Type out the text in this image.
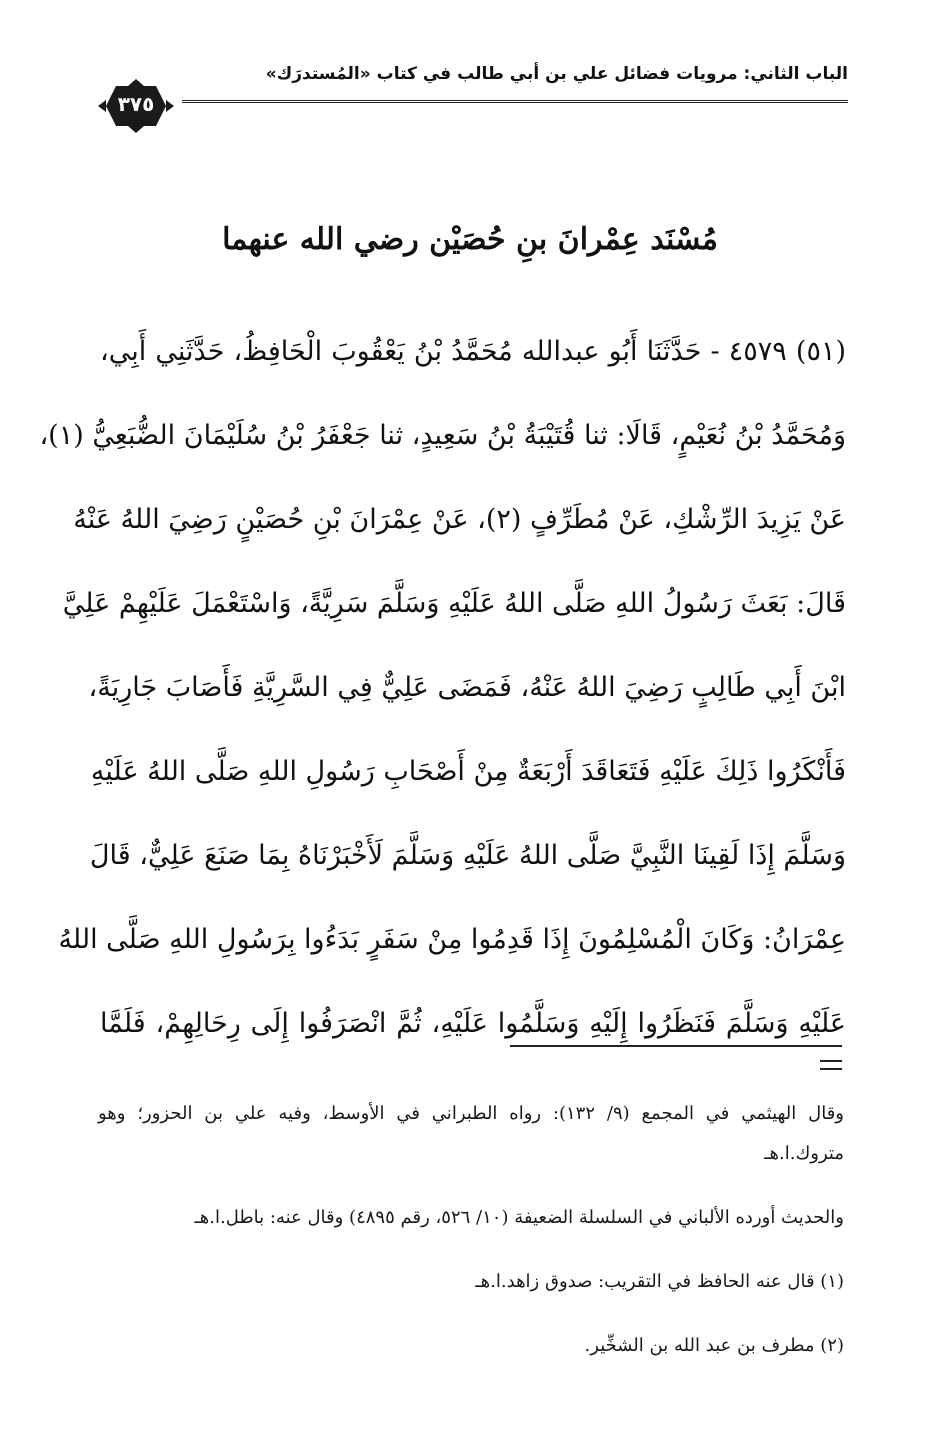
الباب الثاني: مرويات فضائل علي بن أبي طالب في كتاب «المُستدرَك»
٣٧٥
مُسْنَد عِمْرانَ بنِ حُصَيْن رضي الله عنهما
(٥١) ٤٥٧٩ - حَدَّثَنَا أَبُو عبدالله مُحَمَّدُ بْنُ يَعْقُوبَ الْحَافِظُ، حَدَّثَنِي أَبِي،
وَمُحَمَّدُ بْنُ نُعَيْمٍ، قَالَا: ثنا قُتَيْبَةُ بْنُ سَعِيدٍ، ثنا جَعْفَرُ بْنُ سُلَيْمَانَ الضُّبَعِيُّ (١)،
عَنْ يَزِيدَ الرِّشْكِ، عَنْ مُطَرِّفٍ (٢)، عَنْ عِمْرَانَ بْنِ حُصَيْنٍ رَضِيَ اللهُ عَنْهُ
قَالَ: بَعَثَ رَسُولُ اللهِ صَلَّى اللهُ عَلَيْهِ وَسَلَّمَ سَرِيَّةً، وَاسْتَعْمَلَ عَلَيْهِمْ عَلِيَّ
ابْنَ أَبِي طَالِبٍ رَضِيَ اللهُ عَنْهُ، فَمَضَى عَلِيٌّ فِي السَّرِيَّةِ فَأَصَابَ جَارِيَةً،
فَأَنْكَرُوا ذَلِكَ عَلَيْهِ فَتَعَاقَدَ أَرْبَعَةٌ مِنْ أَصْحَابِ رَسُولِ اللهِ صَلَّى اللهُ عَلَيْهِ
وَسَلَّمَ إِذَا لَقِينَا النَّبِيَّ صَلَّى اللهُ عَلَيْهِ وَسَلَّمَ لَأَخْبَرْنَاهُ بِمَا صَنَعَ عَلِيٌّ، قَالَ
عِمْرَانُ: وَكَانَ الْمُسْلِمُونَ إِذَا قَدِمُوا مِنْ سَفَرٍ بَدَءُوا بِرَسُولِ اللهِ صَلَّى اللهُ
عَلَيْهِ وَسَلَّمَ فَنَظَرُوا إِلَيْهِ وَسَلَّمُوا عَلَيْهِ، ثُمَّ انْصَرَفُوا إِلَى رِحَالِهِمْ، فَلَمَّا
وقال الهيثمي في المجمع (٩/ ١٣٢): رواه الطبراني في الأوسط، وفيه علي بن الحزور؛ وهو
متروك.ا.هـ
والحديث أورده الألباني في السلسلة الضعيفة (١٠/ ٥٢٦، رقم ٤٨٩٥) وقال عنه: باطل.ا.هـ
(١) قال عنه الحافظ في التقريب: صدوق زاهد.ا.هـ
(٢) مطرف بن عبد الله بن الشخِّير.
